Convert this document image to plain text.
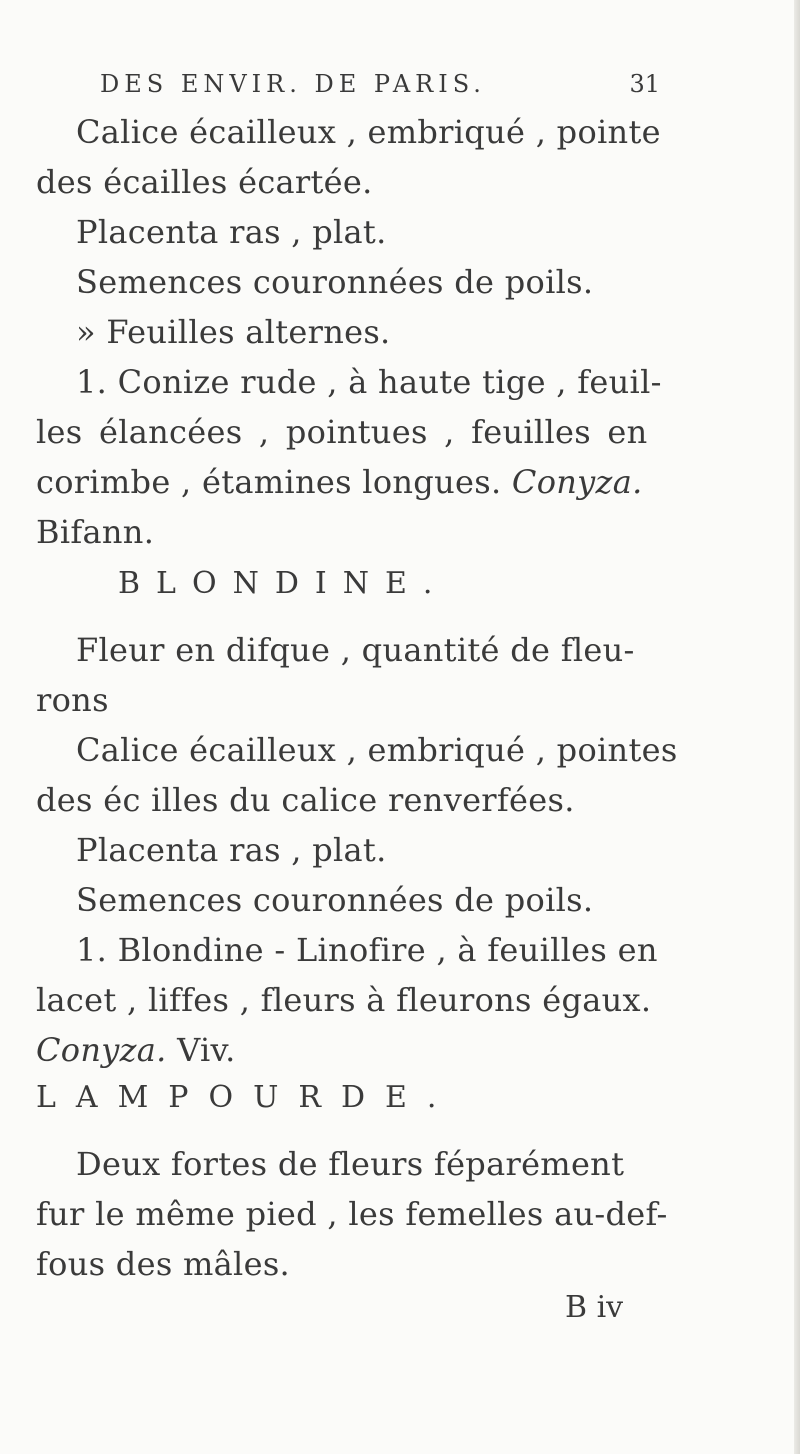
DES ENVIR. DE PARIS.	31
Calice écailleux , embriqué , pointe
des écailles écartée.
Placenta ras , plat.
Semences couronnées de poils.
» Feuilles alternes.
1. Conize rude , à haute tige , feuil-
les élancées , pointues , feuilles en
corimbe , étamines longues. Conyza.
Bifann.
BLONDINE.
Fleur en difque , quantité de fleu-
rons
Calice écailleux , embriqué , pointes
des éc illes du calice renverfées.
Placenta ras , plat.
Semences couronnées de poils.
1. Blondine - Linofire , à feuilles en
lacet , liffes , fleurs à fleurons égaux.
Conyza. Viv.
LAMPOURDE.
Deux fortes de fleurs féparément
fur le même pied , les femelles au-def-
fous des mâles.
B iv
